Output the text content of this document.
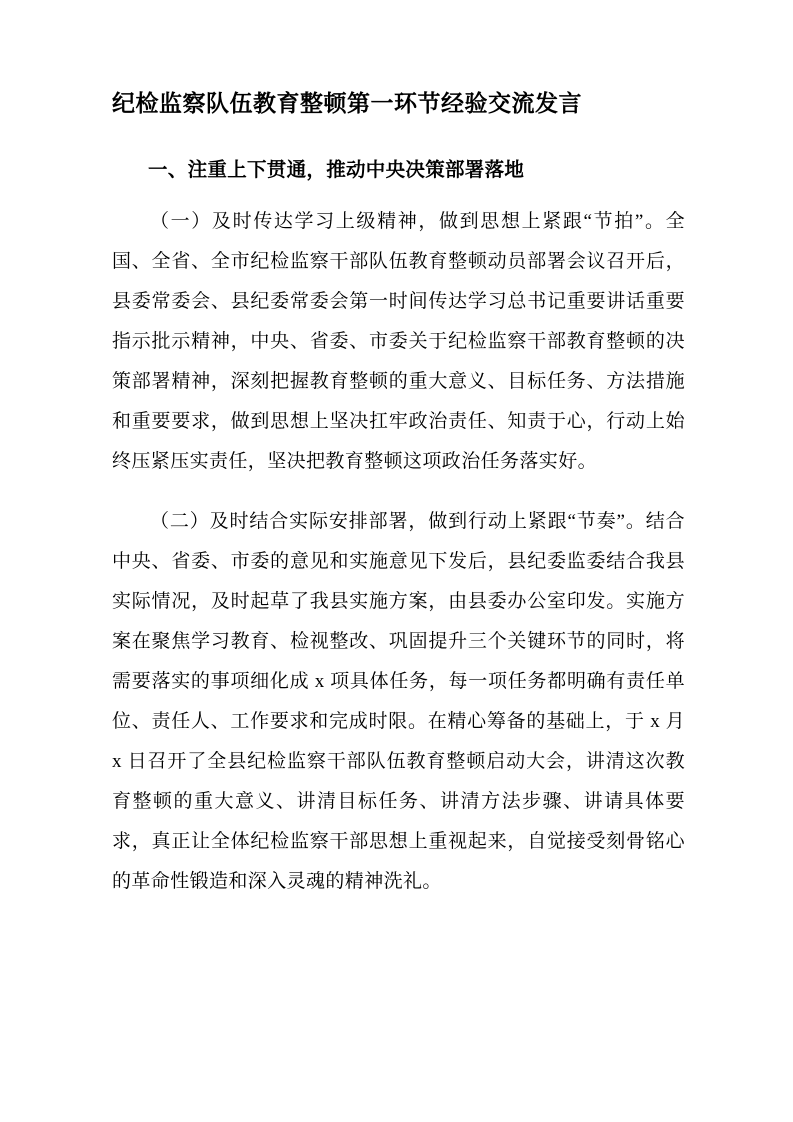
纪检监察队伍教育整顿第一环节经验交流发言
一、注重上下贯通，推动中央决策部署落地

（一）及时传达学习上级精神，做到思想上紧跟“节拍”。全国、全省、全市纪检监察干部队伍教育整顿动员部署会议召开后，县委常委会、县纪委常委会第一时间传达学习总书记重要讲话重要指示批示精神，中央、省委、市委关于纪检监察干部教育整顿的决策部署精神，深刻把握教育整顿的重大意义、目标任务、方法措施和重要要求，做到思想上坚决扛牢政治责任、知责于心，行动上始终压紧压实责任，坚决把教育整顿这项政治任务落实好。

（二）及时结合实际安排部署，做到行动上紧跟“节奏”。结合中央、省委、市委的意见和实施意见下发后，县纪委监委结合我县实际情况，及时起草了我县实施方案，由县委办公室印发。实施方案在聚焦学习教育、检视整改、巩固提升三个关键环节的同时，将需要落实的事项细化成 x 项具体任务，每一项任务都明确有责任单位、责任人、工作要求和完成时限。在精心筹备的基础上，于 x 月 x 日召开了全县纪检监察干部队伍教育整顿启动大会，讲清这次教育整顿的重大意义、讲清目标任务、讲清方法步骤、讲请具体要求，真正让全体纪检监察干部思想上重视起来，自觉接受刻骨铭心的革命性锻造和深入灵魂的精神洗礼。
